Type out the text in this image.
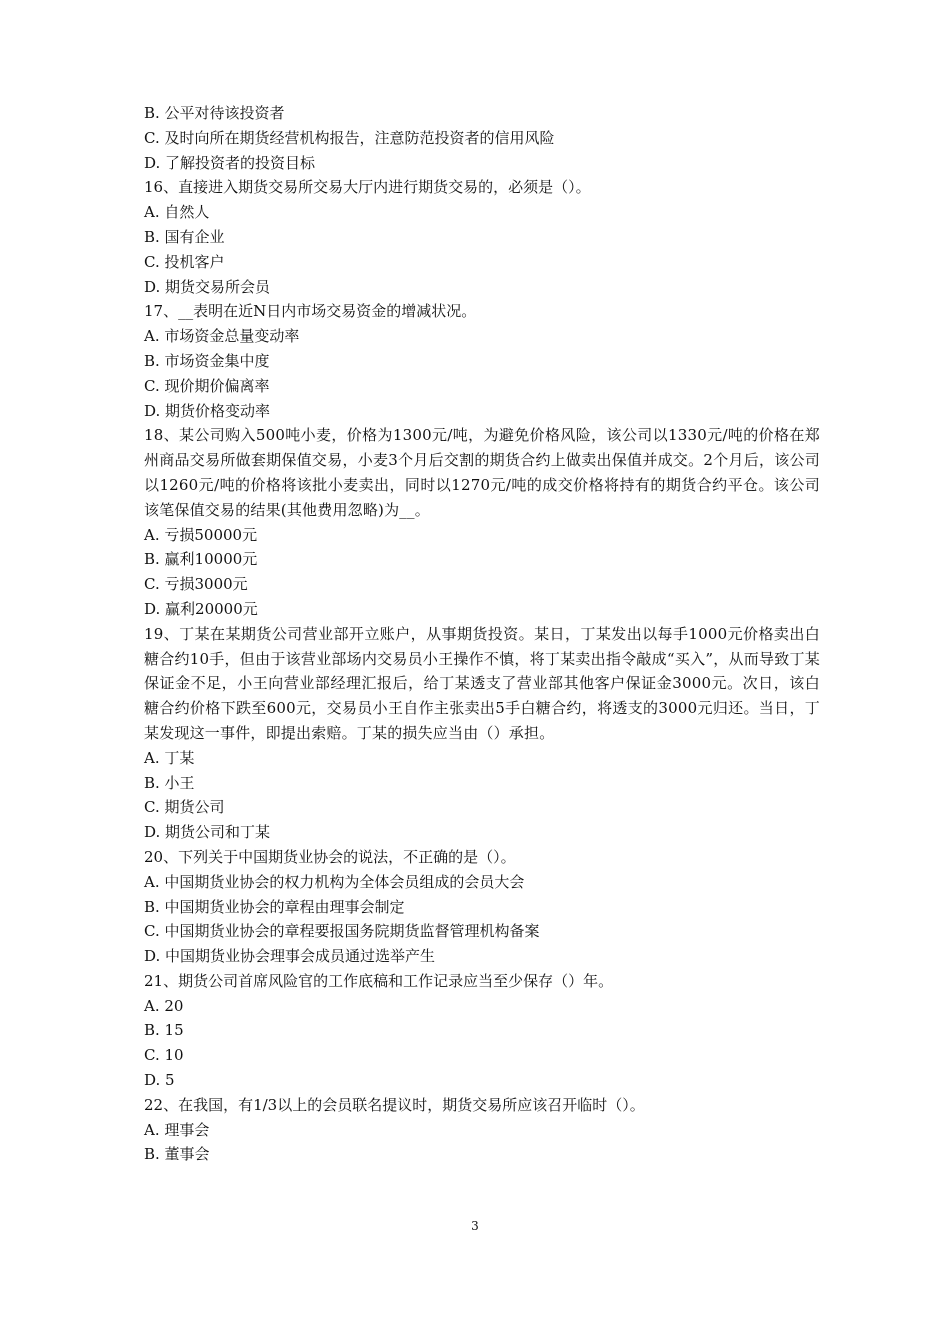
B. 公平对待该投资者
C. 及时向所在期货经营机构报告，注意防范投资者的信用风险
D. 了解投资者的投资目标
16、直接进入期货交易所交易大厅内进行期货交易的，必须是（）。
A. 自然人
B. 国有企业
C. 投机客户
D. 期货交易所会员
17、__表明在近N日内市场交易资金的增减状况。
A. 市场资金总量变动率
B. 市场资金集中度
C. 现价期价偏离率
D. 期货价格变动率
18、某公司购入500吨小麦，价格为1300元/吨，为避免价格风险，该公司以1330元/吨的价格在郑州商品交易所做套期保值交易，小麦3个月后交割的期货合约上做卖出保值并成交。2个月后，该公司以1260元/吨的价格将该批小麦卖出，同时以1270元/吨的成交价格将持有的期货合约平仓。该公司该笔保值交易的结果(其他费用忽略)为__。
A. 亏损50000元
B. 赢利10000元
C. 亏损3000元
D. 赢利20000元
19、丁某在某期货公司营业部开立账户，从事期货投资。某日，丁某发出以每手1000元价格卖出白糖合约10手，但由于该营业部场内交易员小王操作不慎，将丁某卖出指令敲成“买入”，从而导致丁某保证金不足，小王向营业部经理汇报后，给丁某透支了营业部其他客户保证金3000元。次日，该白糖合约价格下跌至600元，交易员小王自作主张卖出5手白糖合约，将透支的3000元归还。当日，丁某发现这一事件，即提出索赔。丁某的损失应当由（）承担。
A. 丁某
B. 小王
C. 期货公司
D. 期货公司和丁某
20、下列关于中国期货业协会的说法，不正确的是（）。
A. 中国期货业协会的权力机构为全体会员组成的会员大会
B. 中国期货业协会的章程由理事会制定
C. 中国期货业协会的章程要报国务院期货监督管理机构备案
D. 中国期货业协会理事会成员通过选举产生
21、期货公司首席风险官的工作底稿和工作记录应当至少保存（）年。
A. 20
B. 15
C. 10
D. 5
22、在我国，有1/3以上的会员联名提议时，期货交易所应该召开临时（）。
A. 理事会
B. 董事会
3
